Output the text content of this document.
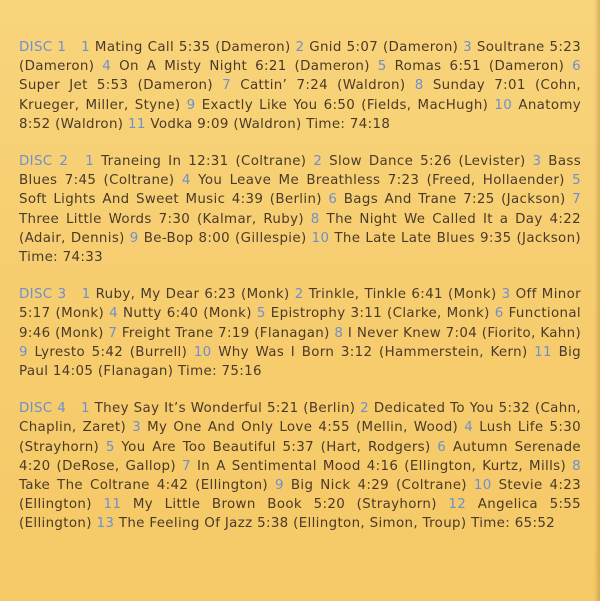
DISC 1 1 Mating Call 5:35 (Dameron) 2 Gnid 5:07 (Dameron) 3 Soultrane 5:23 (Dameron) 4 On A Misty Night 6:21 (Dameron) 5 Romas 6:51 (Dameron) 6 Super Jet 5:53 (Dameron) 7 Cattin’ 7:24 (Waldron) 8 Sunday 7:01 (Cohn, Krueger, Miller, Styne) 9 Exactly Like You 6:50 (Fields, MacHugh) 10 Anatomy 8:52 (Waldron) 11 Vodka 9:09 (Waldron) Time: 74:18

DISC 2 1 Traneing In 12:31 (Coltrane) 2 Slow Dance 5:26 (Levister) 3 Bass Blues 7:45 (Coltrane) 4 You Leave Me Breathless 7:23 (Freed, Hollaender) 5 Soft Lights And Sweet Music 4:39 (Berlin) 6 Bags And Trane 7:25 (Jackson) 7 Three Little Words 7:30 (Kalmar, Ruby) 8 The Night We Called It a Day 4:22 (Adair, Dennis) 9 Be-Bop 8:00 (Gillespie) 10 The Late Late Blues 9:35 (Jackson) Time: 74:33

DISC 3 1 Ruby, My Dear 6:23 (Monk) 2 Trinkle, Tinkle 6:41 (Monk) 3 Off Minor 5:17 (Monk) 4 Nutty 6:40 (Monk) 5 Epistrophy 3:11 (Clarke, Monk) 6 Functional 9:46 (Monk) 7 Freight Trane 7:19 (Flanagan) 8 I Never Knew 7:04 (Fiorito, Kahn) 9 Lyresto 5:42 (Burrell) 10 Why Was I Born 3:12 (Hammerstein, Kern) 11 Big Paul 14:05 (Flanagan) Time: 75:16

DISC 4 1 They Say It’s Wonderful 5:21 (Berlin) 2 Dedicated To You 5:32 (Cahn, Chaplin, Zaret) 3 My One And Only Love 4:55 (Mellin, Wood) 4 Lush Life 5:30 (Strayhorn) 5 You Are Too Beautiful 5:37 (Hart, Rodgers) 6 Autumn Serenade 4:20 (DeRose, Gallop) 7 In A Sentimental Mood 4:16 (Ellington, Kurtz, Mills) 8 Take The Coltrane 4:42 (Ellington) 9 Big Nick 4:29 (Coltrane) 10 Stevie 4:23 (Ellington) 11 My Little Brown Book 5:20 (Strayhorn) 12 Angelica 5:55 (Ellington) 13 The Feeling Of Jazz 5:38 (Ellington, Simon, Troup) Time: 65:52
